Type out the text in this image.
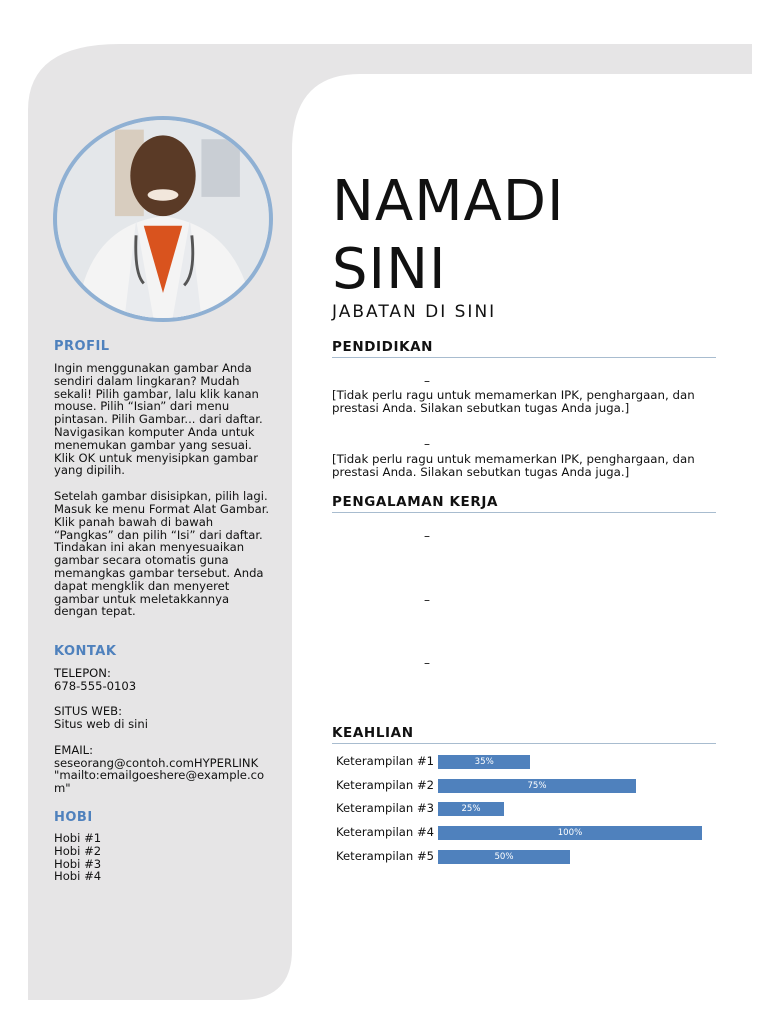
PROFIL

Ingin menggunakan gambar Anda sendiri dalam lingkaran? Mudah sekali! Pilih gambar, lalu klik kanan mouse. Pilih “Isian” dari menu pintasan. Pilih Gambar... dari daftar. Navigasikan komputer Anda untuk menemukan gambar yang sesuai. Klik OK untuk menyisipkan gambar yang dipilih.

Setelah gambar disisipkan, pilih lagi. Masuk ke menu Format Alat Gambar. Klik panah bawah di bawah “Pangkas” dan pilih “Isi” dari daftar. Tindakan ini akan menyesuaikan gambar secara otomatis guna memangkas gambar tersebut. Anda dapat mengklik dan menyeret gambar untuk meletakkannya dengan tepat.

KONTAK
TELEPON:
678-555-0103
SITUS WEB:
Situs web di sini
EMAIL:
seseorang@contoh.comHYPERLINK
"mailto:emailgoeshere@example.co
m"
HOBI
Hobi #1
Hobi #2
Hobi #3
Hobi #4
NAMADI
SINI
JABATAN DI SINI
PENDIDIKAN
–
[Tidak perlu ragu untuk memamerkan IPK, penghargaan, dan prestasi Anda. Silakan sebutkan tugas Anda juga.]
–
[Tidak perlu ragu untuk memamerkan IPK, penghargaan, dan prestasi Anda. Silakan sebutkan tugas Anda juga.]
PENGALAMAN KERJA
–
–
–
KEAHLIAN
Keterampilan #1	35%
Keterampilan #2	75%
Keterampilan #3	25%
Keterampilan #4	100%
Keterampilan #5	50%
